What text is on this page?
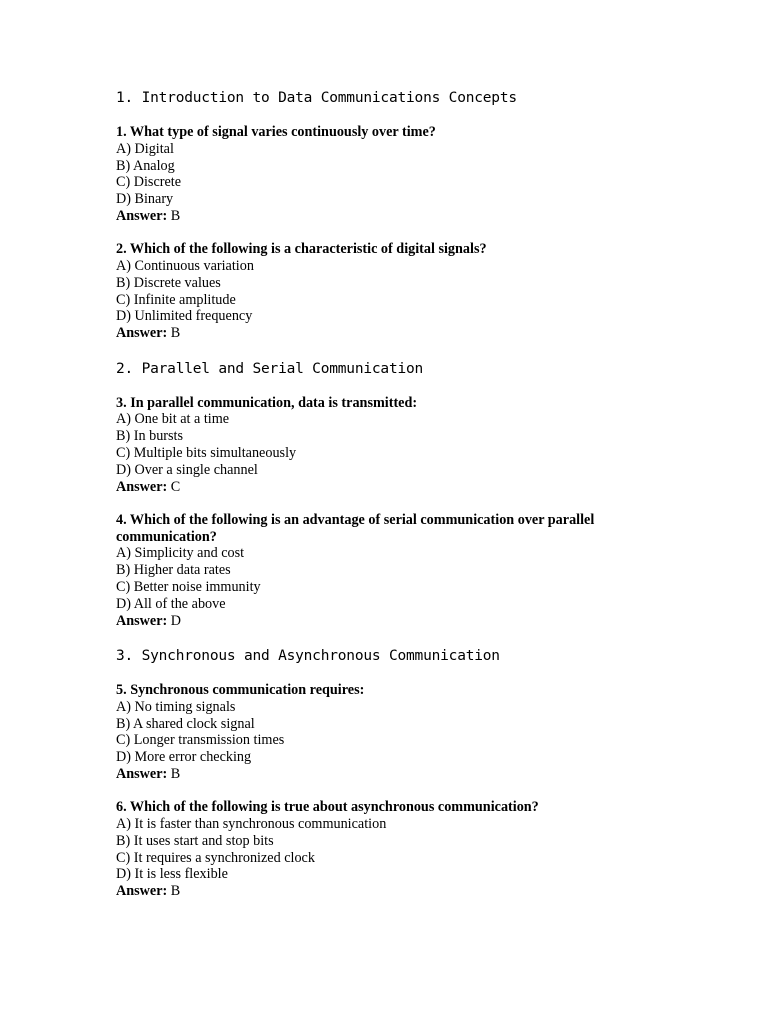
1. Introduction to Data Communications Concepts
1. What type of signal varies continuously over time?
A) Digital
B) Analog
C) Discrete
D) Binary
Answer: B
2. Which of the following is a characteristic of digital signals?
A) Continuous variation
B) Discrete values
C) Infinite amplitude
D) Unlimited frequency
Answer: B
2. Parallel and Serial Communication
3. In parallel communication, data is transmitted:
A) One bit at a time
B) In bursts
C) Multiple bits simultaneously
D) Over a single channel
Answer: C
4. Which of the following is an advantage of serial communication over parallel communication?
A) Simplicity and cost
B) Higher data rates
C) Better noise immunity
D) All of the above
Answer: D
3. Synchronous and Asynchronous Communication
5. Synchronous communication requires:
A) No timing signals
B) A shared clock signal
C) Longer transmission times
D) More error checking
Answer: B
6. Which of the following is true about asynchronous communication?
A) It is faster than synchronous communication
B) It uses start and stop bits
C) It requires a synchronized clock
D) It is less flexible
Answer: B
